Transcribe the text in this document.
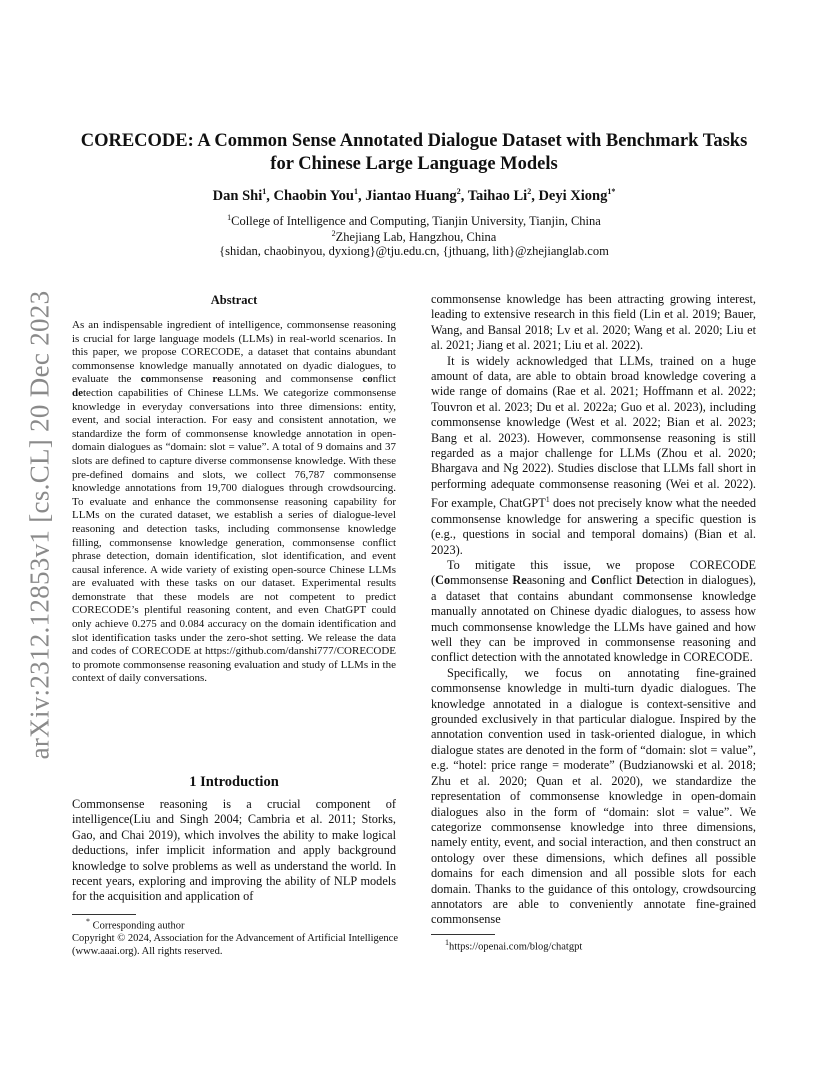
arXiv:2312.12853v1 [cs.CL] 20 Dec 2023
CORECODE: A Common Sense Annotated Dialogue Dataset with Benchmark Tasks for Chinese Large Language Models
Dan Shi$^1$, Chaobin You$^1$, Jiantao Huang$^2$, Taihao Li$^2$, Deyi Xiong$^{1*}$
$^1$College of Intelligence and Computing, Tianjin University, Tianjin, China
$^2$Zhejiang Lab, Hangzhou, China
{shidan, chaobinyou, dyxiong}@tju.edu.cn, {jthuang, lith}@zhejianglab.com
Abstract

As an indispensable ingredient of intelligence, commonsense reasoning is crucial for large language models (LLMs) in real-world scenarios. In this paper, we propose CORECODE, a dataset that contains abundant commonsense knowledge manually annotated on dyadic dialogues, to evaluate the commonsense reasoning and commonsense conflict detection capabilities of Chinese LLMs. We categorize commonsense knowledge in everyday conversations into three dimensions: entity, event, and social interaction. For easy and consistent annotation, we standardize the form of commonsense knowledge annotation in open-domain dialogues as “domain: slot = value”. A total of 9 domains and 37 slots are defined to capture diverse commonsense knowledge. With these pre-defined domains and slots, we collect 76,787 commonsense knowledge annotations from 19,700 dialogues through crowdsourcing. To evaluate and enhance the commonsense reasoning capability for LLMs on the curated dataset, we establish a series of dialogue-level reasoning and detection tasks, including commonsense knowledge filling, commonsense knowledge generation, commonsense conflict phrase detection, domain identification, slot identification, and event causal inference. A wide variety of existing open-source Chinese LLMs are evaluated with these tasks on our dataset. Experimental results demonstrate that these models are not competent to predict CORECODE’s plentiful reasoning content, and even ChatGPT could only achieve 0.275 and 0.084 accuracy on the domain identification and slot identification tasks under the zero-shot setting. We release the data and codes of CORECODE at https://github.com/danshi777/CORECODE to promote commonsense reasoning evaluation and study of LLMs in the context of daily conversations.

1 Introduction

Commonsense reasoning is a crucial component of intelligence(Liu and Singh 2004; Cambria et al. 2011; Storks, Gao, and Chai 2019), which involves the ability to make logical deductions, infer implicit information and apply background knowledge to solve problems as well as understand the world. In recent years, exploring and improving the ability of NLP models for the acquisition and application of

* Corresponding author
Copyright © 2024, Association for the Advancement of Artificial Intelligence (www.aaai.org). All rights reserved.

commonsense knowledge has been attracting growing interest, leading to extensive research in this field (Lin et al. 2019; Bauer, Wang, and Bansal 2018; Lv et al. 2020; Wang et al. 2020; Liu et al. 2021; Jiang et al. 2021; Liu et al. 2022).

It is widely acknowledged that LLMs, trained on a huge amount of data, are able to obtain broad knowledge covering a wide range of domains (Rae et al. 2021; Hoffmann et al. 2022; Touvron et al. 2023; Du et al. 2022a; Guo et al. 2023), including commonsense knowledge (West et al. 2022; Bian et al. 2023; Bang et al. 2023). However, commonsense reasoning is still regarded as a major challenge for LLMs (Zhou et al. 2020; Bhargava and Ng 2022). Studies disclose that LLMs fall short in performing adequate commonsense reasoning (Wei et al. 2022). For example, ChatGPT$^1$ does not precisely know what the needed commonsense knowledge for answering a specific question is (e.g., questions in social and temporal domains) (Bian et al. 2023).

To mitigate this issue, we propose CORECODE (Commonsense Reasoning and Conflict Detection in dialogues), a dataset that contains abundant commonsense knowledge manually annotated on Chinese dyadic dialogues, to assess how much commonsense knowledge the LLMs have gained and how well they can be improved in commonsense reasoning and conflict detection with the annotated knowledge in CORECODE.

Specifically, we focus on annotating fine-grained commonsense knowledge in multi-turn dyadic dialogues. The knowledge annotated in a dialogue is context-sensitive and grounded exclusively in that particular dialogue. Inspired by the annotation convention used in task-oriented dialogue, in which dialogue states are denoted in the form of “domain: slot = value”, e.g. “hotel: price range = moderate” (Budzianowski et al. 2018; Zhu et al. 2020; Quan et al. 2020), we standardize the representation of commonsense knowledge in open-domain dialogues also in the form of “domain: slot = value”. We categorize commonsense knowledge into three dimensions, namely entity, event, and social interaction, and then construct an ontology over these dimensions, which defines all possible domains for each dimension and all possible slots for each domain. Thanks to the guidance of this ontology, crowdsourcing annotators are able to conveniently annotate fine-grained commonsense

$^1$https://openai.com/blog/chatgpt
